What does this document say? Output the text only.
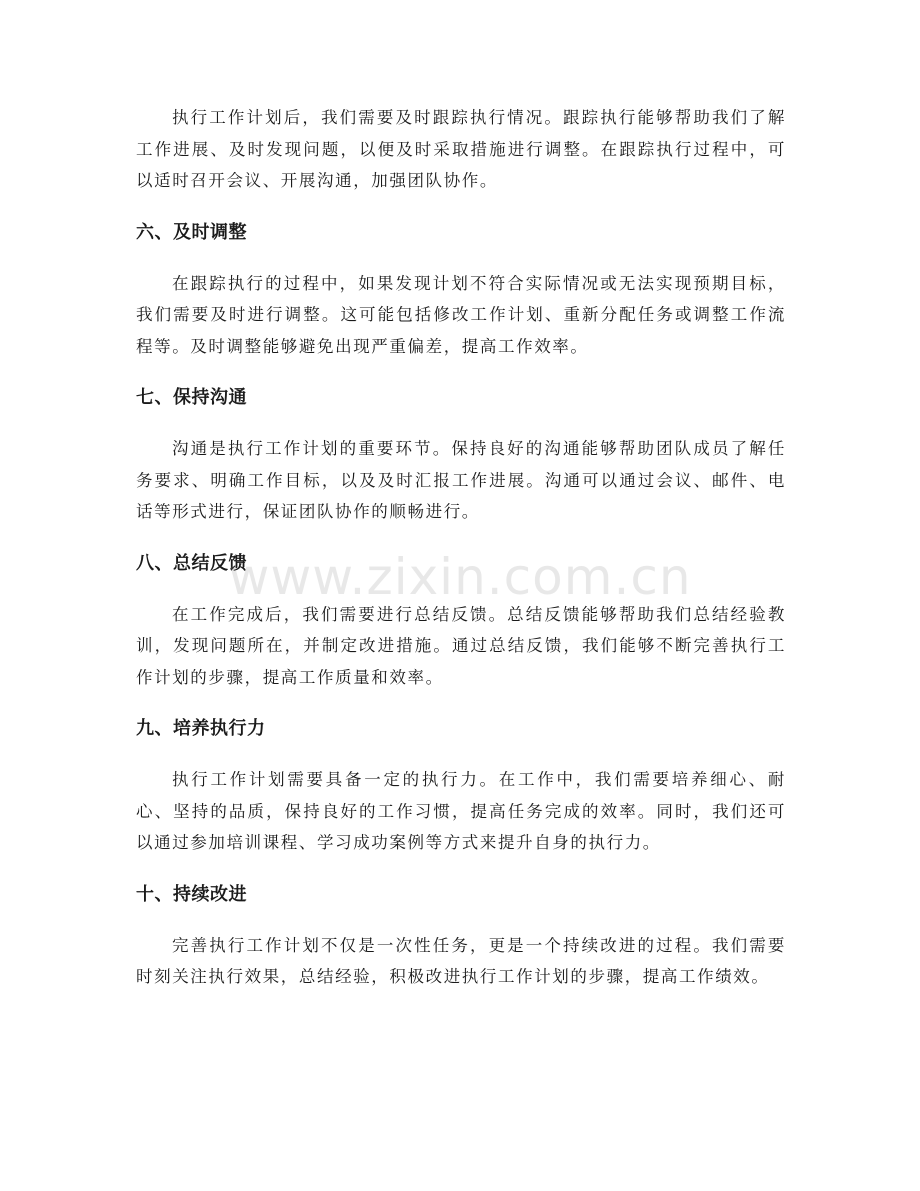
执行工作计划后，我们需要及时跟踪执行情况。跟踪执行能够帮助我们了解工作进展、及时发现问题，以便及时采取措施进行调整。在跟踪执行过程中，可以适时召开会议、开展沟通，加强团队协作。

六、及时调整

在跟踪执行的过程中，如果发现计划不符合实际情况或无法实现预期目标，我们需要及时进行调整。这可能包括修改工作计划、重新分配任务或调整工作流程等。及时调整能够避免出现严重偏差，提高工作效率。

七、保持沟通

沟通是执行工作计划的重要环节。保持良好的沟通能够帮助团队成员了解任务要求、明确工作目标，以及及时汇报工作进展。沟通可以通过会议、邮件、电话等形式进行，保证团队协作的顺畅进行。

八、总结反馈

在工作完成后，我们需要进行总结反馈。总结反馈能够帮助我们总结经验教训，发现问题所在，并制定改进措施。通过总结反馈，我们能够不断完善执行工作计划的步骤，提高工作质量和效率。

九、培养执行力

执行工作计划需要具备一定的执行力。在工作中，我们需要培养细心、耐心、坚持的品质，保持良好的工作习惯，提高任务完成的效率。同时，我们还可以通过参加培训课程、学习成功案例等方式来提升自身的执行力。

十、持续改进

完善执行工作计划不仅是一次性任务，更是一个持续改进的过程。我们需要时刻关注执行效果，总结经验，积极改进执行工作计划的步骤，提高工作绩效。

www.zixin.com.cn
